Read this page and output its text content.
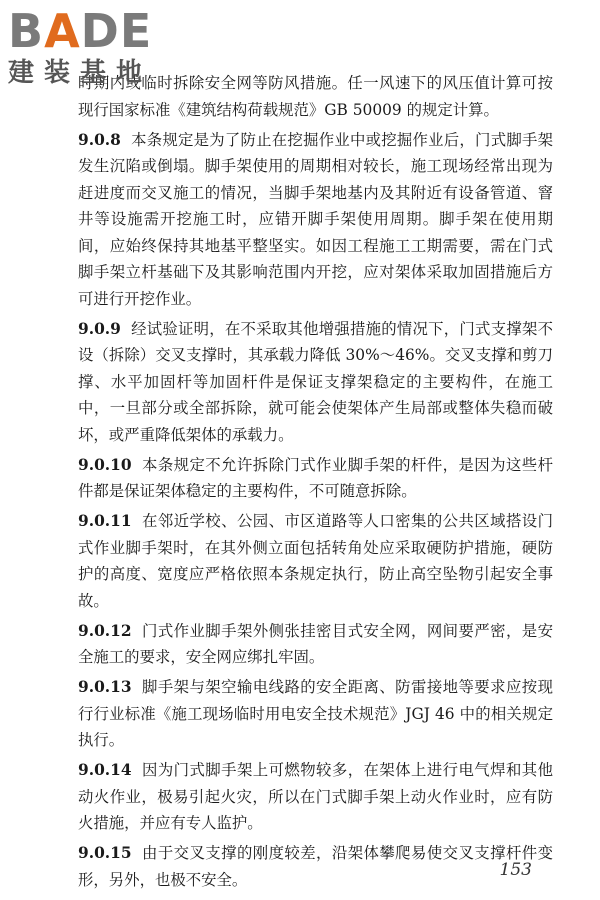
BADE
建装基地

时期内或临时拆除安全网等防风措施。任一风速下的风压值计算可按现行国家标准《建筑结构荷载规范》GB 50009 的规定计算。

9.0.8 本条规定是为了防止在挖掘作业中或挖掘作业后，门式脚手架发生沉陷或倒塌。脚手架使用的周期相对较长，施工现场经常出现为赶进度而交叉施工的情况，当脚手架地基内及其附近有设备管道、窨井等设施需开挖施工时，应错开脚手架使用周期。脚手架在使用期间，应始终保持其地基平整坚实。如因工程施工工期需要，需在门式脚手架立杆基础下及其影响范围内开挖，应对架体采取加固措施后方可进行开挖作业。

9.0.9 经试验证明，在不采取其他增强措施的情况下，门式支撑架不设（拆除）交叉支撑时，其承载力降低 30%～46%。交叉支撑和剪刀撑、水平加固杆等加固杆件是保证支撑架稳定的主要构件，在施工中，一旦部分或全部拆除，就可能会使架体产生局部或整体失稳而破坏，或严重降低架体的承载力。

9.0.10 本条规定不允许拆除门式作业脚手架的杆件，是因为这些杆件都是保证架体稳定的主要构件，不可随意拆除。

9.0.11 在邻近学校、公园、市区道路等人口密集的公共区域搭设门式作业脚手架时，在其外侧立面包括转角处应采取硬防护措施，硬防护的高度、宽度应严格依照本条规定执行，防止高空坠物引起安全事故。

9.0.12 门式作业脚手架外侧张挂密目式安全网，网间要严密，是安全施工的要求，安全网应绑扎牢固。

9.0.13 脚手架与架空输电线路的安全距离、防雷接地等要求应按现行行业标准《施工现场临时用电安全技术规范》JGJ 46 中的相关规定执行。

9.0.14 因为门式脚手架上可燃物较多，在架体上进行电气焊和其他动火作业，极易引起火灾，所以在门式脚手架上动火作业时，应有防火措施，并应有专人监护。

9.0.15 由于交叉支撑的刚度较差，沿架体攀爬易使交叉支撑杆件变形，另外，也极不安全。	153
